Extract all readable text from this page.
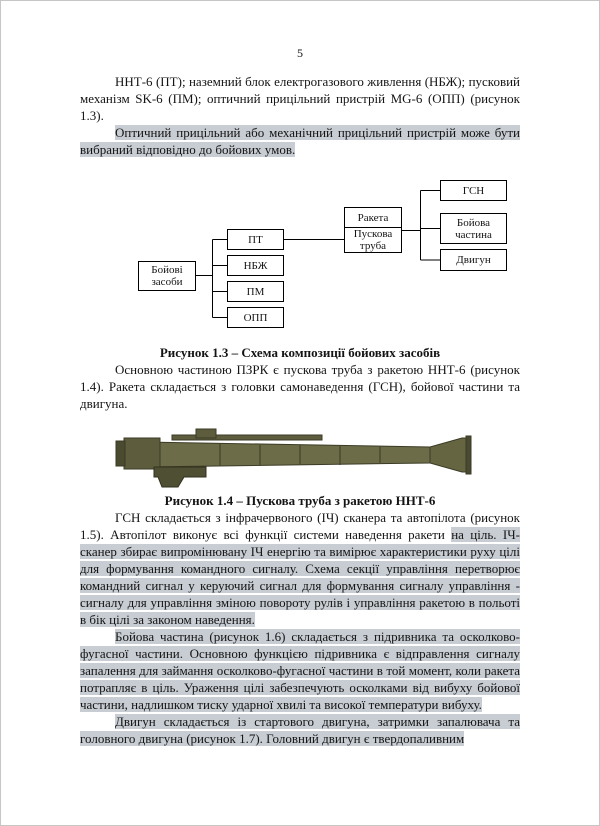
5

ННТ-6 (ПТ); наземний блок електрогазового живлення (НБЖ); пусковий механізм SK-6 (ПМ); оптичний прицільний пристрій MG-6 (ОПП) (рисунок 1.3).

Оптичний прицільний або механічний прицільний пристрій може бути вибраний відповідно до бойових умов.

Бойові засоби
ПТ
НБЖ
ПМ
ОПП
Ракета
Пускова труба
ГСН
Бойова частина
Двигун
Рисунок 1.3 – Схема композиції бойових засобів

Основною частиною ПЗРК є пускова труба з ракетою ННТ-6 (рисунок 1.4). Ракета складається з головки самонаведення (ГСН), бойової частини та двигуна.

Рисунок 1.4 – Пускова труба з ракетою ННТ-6

ГСН складається з інфрачервоного (ІЧ) сканера та автопілота (рисунок 1.5). Автопілот виконує всі функції системи наведення ракети на ціль. ІЧ-сканер збирає випромінювану ІЧ енергію та вимірює характеристики руху цілі для формування командного сигналу. Схема секції управління перетворює командний сигнал у керуючий сигнал для формування сигналу управління - сигналу для управління зміною повороту рулів і управління ракетою в польоті в бік цілі за законом наведення.

Бойова частина (рисунок 1.6) складається з підривника та осколково-фугасної частини. Основною функцією підривника є відправлення сигналу запалення для займання осколково-фугасної частини в той момент, коли ракета потрапляє в ціль. Ураження цілі забезпечують осколками від вибуху бойової частини, надлишком тиску ударної хвилі та високої температури вибуху.

Двигун складається із стартового двигуна, затримки запалювача та головного двигуна (рисунок 1.7). Головний двигун є твердопаливним
